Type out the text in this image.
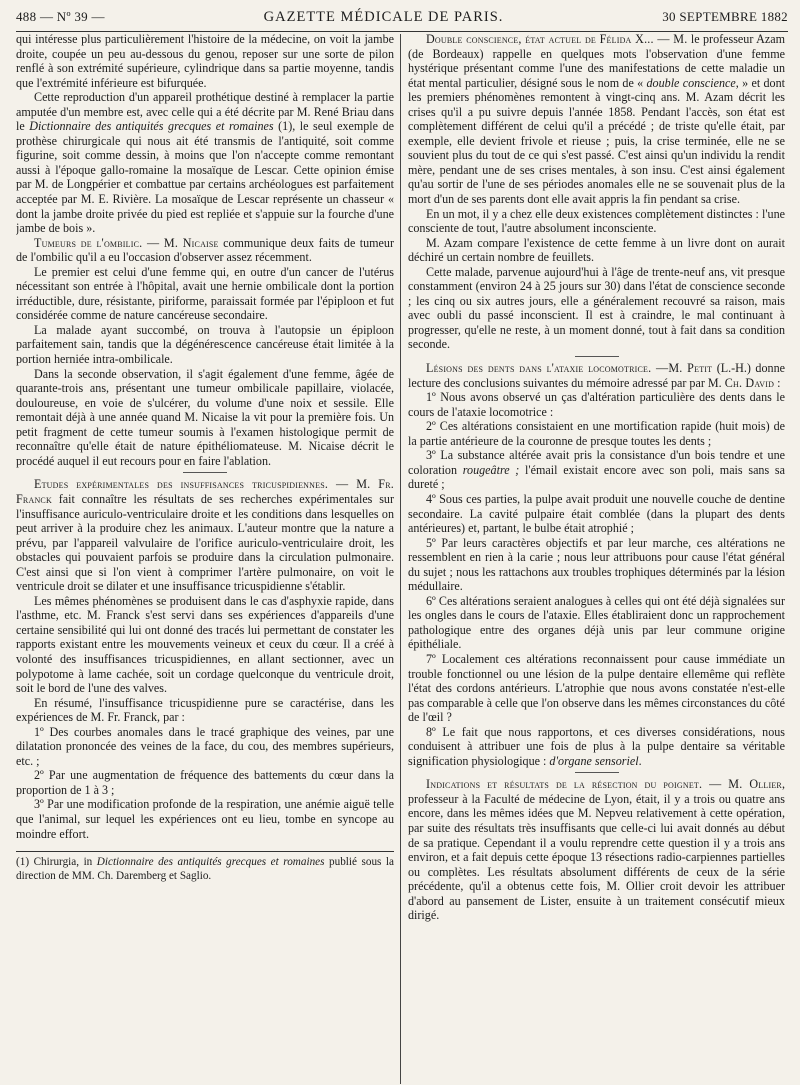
488 — Nº 39 —	GAZETTE MÉDICALE DE PARIS.	30 SEPTEMBRE 1882

qui intéresse plus particulièrement l'histoire de la médecine, on voit la jambe droite, coupée un peu au-dessous du genou, reposer sur une sorte de pilon renflé à son extrémité supérieure, cylindrique dans sa partie moyenne, tandis que l'extrémité inférieure est bifurquée.

Cette reproduction d'un appareil prothétique destiné à remplacer la partie amputée d'un membre est, avec celle qui a été décrite par M. René Briau dans le Dictionnaire des antiquités grecques et romaines (1), le seul exemple de prothèse chirurgicale qui nous ait été transmis de l'antiquité, soit comme figurine, soit comme dessin, à moins que l'on n'accepte comme remontant aussi à l'époque gallo-romaine la mosaïque de Lescar. Cette opinion émise par M. de Longpérier et combattue par certains archéologues est parfaitement acceptée par M. E. Rivière. La mosaïque de Lescar représente un chasseur « dont la jambe droite privée du pied est repliée et s'appuie sur la fourche d'une jambe de bois ».

Tumeurs de l'ombilic. — M. Nicaise communique deux faits de tumeur de l'ombilic qu'il a eu l'occasion d'observer assez récemment.

Le premier est celui d'une femme qui, en outre d'un cancer de l'utérus nécessitant son entrée à l'hôpital, avait une hernie ombilicale dont la portion irréductible, dure, résistante, piriforme, paraissait formée par l'épiploon et fut considérée comme de nature cancéreuse secondaire.

La malade ayant succombé, on trouva à l'autopsie un épiploon parfaitement sain, tandis que la dégénérescence cancéreuse était limitée à la portion herniée intra-ombilicale.

Dans la seconde observation, il s'agit également d'une femme, âgée de quarante-trois ans, présentant une tumeur ombilicale papillaire, violacée, douloureuse, en voie de s'ulcérer, du volume d'une noix et sessile. Elle remontait déjà à une année quand M. Nicaise la vit pour la première fois. Un petit fragment de cette tumeur soumis à l'examen histologique permit de reconnaître qu'elle était de nature épithéliomateuse. M. Nicaise décrit le procédé auquel il eut recours pour en faire l'ablation.

Etudes expérimentales des insuffisances tricuspidiennes. — M. Fr. Franck fait connaître les résultats de ses recherches expérimentales sur l'insuffisance auriculo-ventriculaire droite et les conditions dans lesquelles on peut arriver à la produire chez les animaux. L'auteur montre que la nature a prévu, par l'appareil valvulaire de l'orifice auriculo-ventriculaire droit, les obstacles qui pouvaient parfois se produire dans la circulation pulmonaire. C'est ainsi que si l'on vient à comprimer l'artère pulmonaire, on voit le ventricule droit se dilater et une insuffisance tricuspidienne s'établir.

Les mêmes phénomènes se produisent dans le cas d'asphyxie rapide, dans l'asthme, etc. M. Franck s'est servi dans ses expériences d'appareils d'une certaine sensibilité qui lui ont donné des tracés lui permettant de constater les rapports existant entre les mouvements veineux et ceux du cœur. Il a créé à volonté des insuffisances tricuspidiennes, en allant sectionner, avec un polypotome à lame cachée, soit un cordage quelconque du ventricule droit, soit le bord de l'une des valves.

En résumé, l'insuffisance tricuspidienne pure se caractérise, dans les expériences de M. Fr. Franck, par :

1º Des courbes anomales dans le tracé graphique des veines, par une dilatation prononcée des veines de la face, du cou, des membres supérieurs, etc. ;

2º Par une augmentation de fréquence des battements du cœur dans la proportion de 1 à 3 ;

3º Par une modification profonde de la respiration, une anémie aiguë telle que l'animal, sur lequel les expériences ont eu lieu, tombe en syncope au moindre effort.

(1) Chirurgia, in Dictionnaire des antiquités grecques et romaines publié sous la direction de MM. Ch. Daremberg et Saglio.

Double conscience, état actuel de Félida X... — M. le professeur Azam (de Bordeaux) rappelle en quelques mots l'observation d'une femme hystérique présentant comme l'une des manifestations de cette maladie un état mental particulier, désigné sous le nom de « double conscience, » et dont les premiers phénomènes remontent à vingt-cinq ans. M. Azam décrit les crises qu'il a pu suivre depuis l'année 1858. Pendant l'accès, son état est complètement différent de celui qu'il a précédé ; de triste qu'elle était, par exemple, elle devient frivole et rieuse ; puis, la crise terminée, elle ne se souvient plus du tout de ce qui s'est passé. C'est ainsi qu'un individu la rendit mère, pendant une de ses crises mentales, à son insu. C'est ainsi également qu'au sortir de l'une de ses périodes anomales elle ne se souvenait plus de la mort d'un de ses parents dont elle avait appris la fin pendant sa crise.

En un mot, il y a chez elle deux existences complètement distinctes : l'une consciente de tout, l'autre absolument inconsciente.

M. Azam compare l'existence de cette femme à un livre dont on aurait déchiré un certain nombre de feuillets.

Cette malade, parvenue aujourd'hui à l'âge de trente-neuf ans, vit presque constamment (environ 24 à 25 jours sur 30) dans l'état de conscience seconde ; les cinq ou six autres jours, elle a généralement recouvré sa raison, mais avec oubli du passé inconscient. Il est à craindre, le mal continuant à progresser, qu'elle ne reste, à un moment donné, tout à fait dans sa condition seconde.

Lésions des dents dans l'ataxie locomotrice. —M. Petit (L.-H.) donne lecture des conclusions suivantes du mémoire adressé par par M. Ch. David :

1º Nous avons observé un ças d'altération particulière des dents dans le cours de l'ataxie locomotrice :

2º Ces altérations consistaient en une mortification rapide (huit mois) de la partie antérieure de la couronne de presque toutes les dents ;

3º La substance altérée avait pris la consistance d'un bois tendre et une coloration rougeâtre ; l'émail existait encore avec son poli, mais sans sa dureté ;

4º Sous ces parties, la pulpe avait produit une nouvelle couche de dentine secondaire. La cavité pulpaire était comblée (dans la plupart des dents antérieures) et, partant, le bulbe était atrophié ;

5º Par leurs caractères objectifs et par leur marche, ces altérations ne ressemblent en rien à la carie ; nous leur attribuons pour cause l'état général du sujet ; nous les rattachons aux troubles trophiques déterminés par la lésion médullaire.

6º Ces altérations seraient analogues à celles qui ont été déjà signalées sur les ongles dans le cours de l'ataxie. Elles établiraient donc un rapprochement pathologique entre des organes déjà unis par leur commune origine épithéliale.

7º Localement ces altérations reconnaissent pour cause immédiate un trouble fonctionnel ou une lésion de la pulpe dentaire ellemême qui reflète l'état des cordons antérieurs. L'atrophie que nous avons constatée n'est-elle pas comparable à celle que l'on observe dans les mêmes circonstances du côté de l'œil ?

8º Le fait que nous rapportons, et ces diverses considérations, nous conduisent à attribuer une fois de plus à la pulpe dentaire sa véritable signification physiologique : d'organe sensoriel.

Indications et résultats de la résection du poignet. — M. Ollier, professeur à la Faculté de médecine de Lyon, était, il y a trois ou quatre ans encore, dans les mêmes idées que M. Nepveu relativement à cette opération, par suite des résultats très insuffisants que celle-ci lui avait donnés au début de sa pratique. Cependant il a voulu reprendre cette question il y a trois ans environ, et a fait depuis cette époque 13 résections radio-carpiennes partielles ou complètes. Les résultats absolument différents de ceux de la série précédente, qu'il a obtenus cette fois, M. Ollier croit devoir les attribuer d'abord au pansement de Lister, ensuite à un traitement consécutif mieux dirigé.
